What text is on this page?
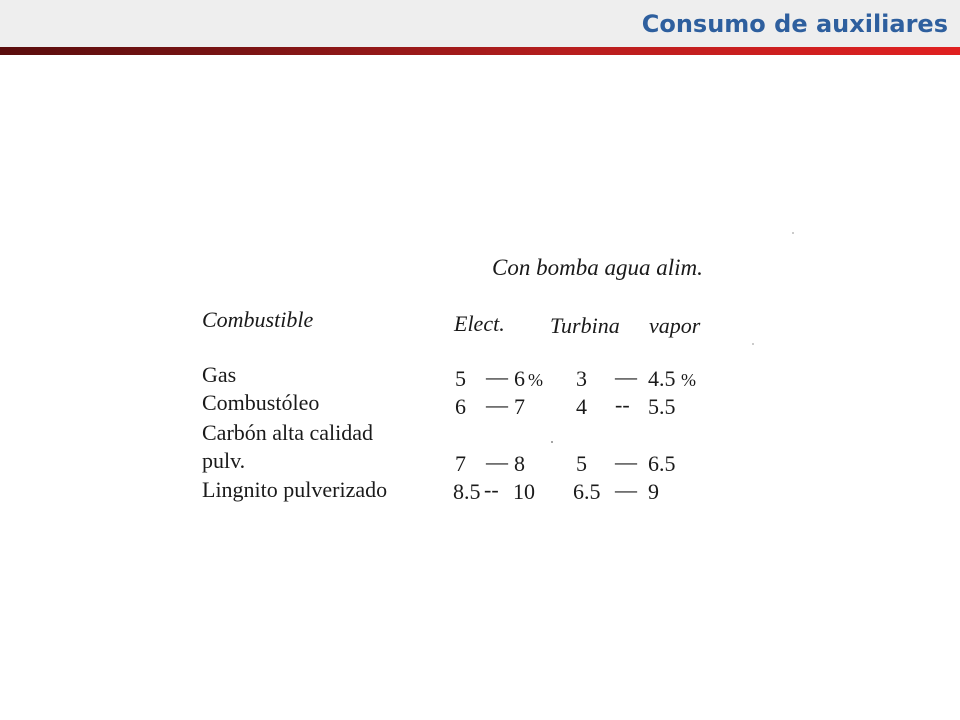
Consumo de auxiliares
Con bomba agua alim.
Combustible	Elect. Turbina vapor
Gas	5 — 6 % 3 — 4.5 %
Combustóleo	6 — 7 4 -- 5.5
Carbón alta calidad
pulv.	7 — 8 5 — 6.5
Lingnito pulverizado	8.5 -- 10 6.5 — 9
